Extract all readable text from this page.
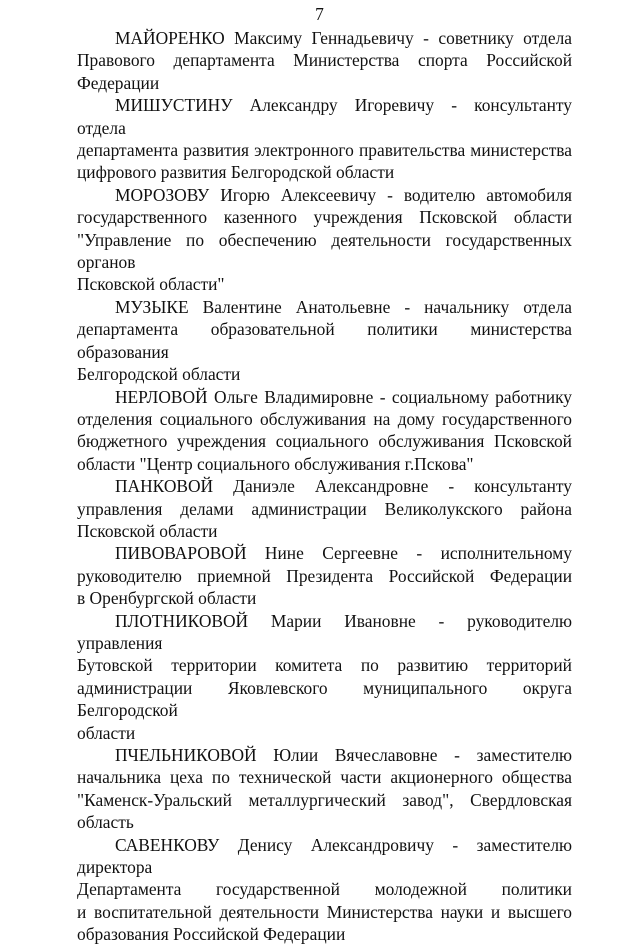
7
МАЙОРЕНКО Максиму Геннадьевичу - советнику отдела
Правового департамента Министерства спорта Российской
Федерации
МИШУСТИНУ Александру Игоревичу - консультанту отдела
департамента развития электронного правительства министерства
цифрового развития Белгородской области
МОРОЗОВУ Игорю Алексеевичу - водителю автомобиля
государственного казенного учреждения Псковской области
"Управление по обеспечению деятельности государственных органов
Псковской области"
МУЗЫКЕ Валентине Анатольевне - начальнику отдела
департамента образовательной политики министерства образования
Белгородской области
НЕРЛОВОЙ Ольге Владимировне - социальному работнику
отделения социального обслуживания на дому государственного
бюджетного учреждения социального обслуживания Псковской
области "Центр социального обслуживания г.Пскова"
ПАНКОВОЙ Даниэле Александровне - консультанту
управления делами администрации Великолукского района
Псковской области
ПИВОВАРОВОЙ Нине Сергеевне - исполнительному
руководителю приемной Президента Российской Федерации
в Оренбургской области
ПЛОТНИКОВОЙ Марии Ивановне - руководителю управления
Бутовской территории комитета по развитию территорий
администрации Яковлевского муниципального округа Белгородской
области
ПЧЕЛЬНИКОВОЙ Юлии Вячеславовне - заместителю
начальника цеха по технической части акционерного общества
"Каменск-Уральский металлургический завод", Свердловская область
САВЕНКОВУ Денису Александровичу - заместителю директора
Департамента государственной молодежной политики
и воспитательной деятельности Министерства науки и высшего
образования Российской Федерации
